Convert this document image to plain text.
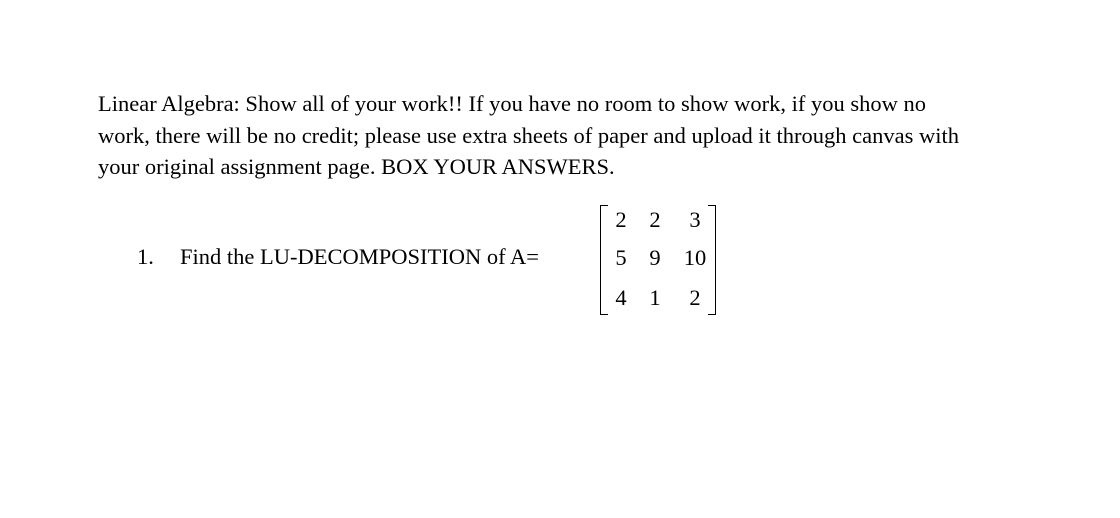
Linear Algebra: Show all of your work!! If you have no room to show work, if you show no
work, there will be no credit; please use extra sheets of paper and upload it through canvas with
your original assignment page. BOX YOUR ANSWERS.
1. Find the LU-DECOMPOSITION of A=
2	2	3
5	9	10
4	1	2
